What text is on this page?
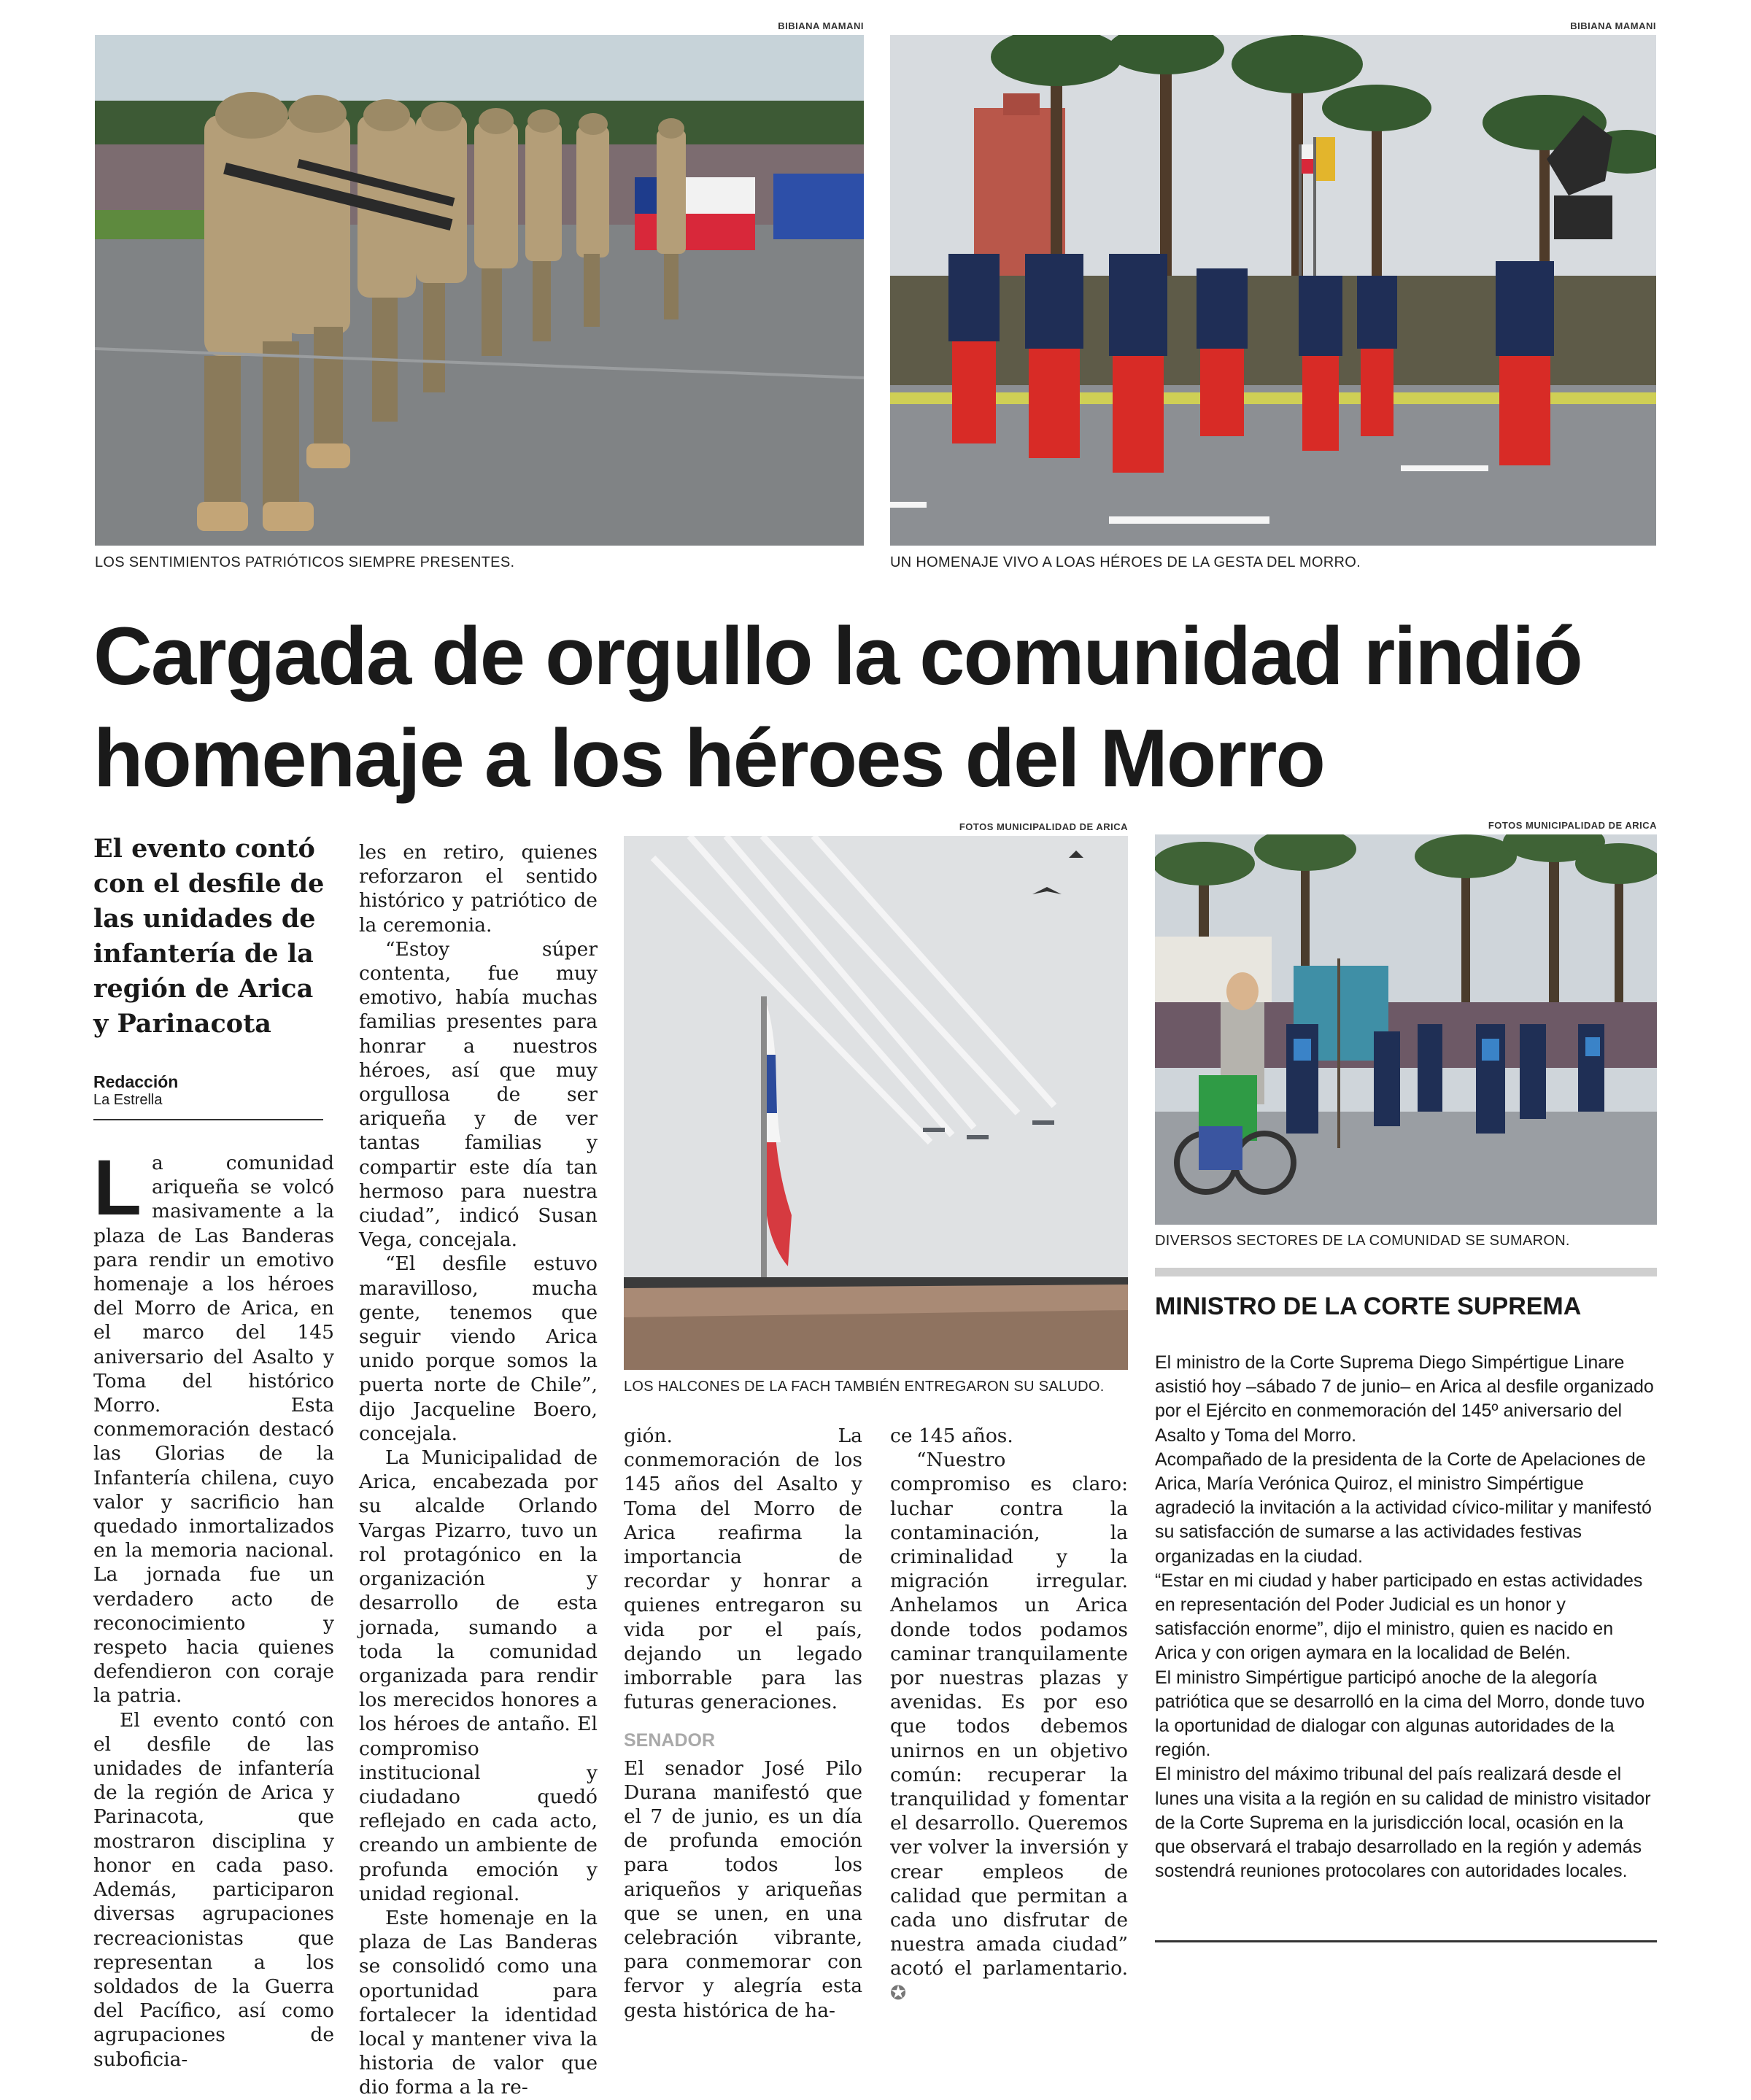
BIBIANA MAMANI
LOS SENTIMIENTOS PATRIÓTICOS SIEMPRE PRESENTES.
BIBIANA MAMANI
UN HOMENAJE VIVO A LOAS HÉROES DE LA GESTA DEL MORRO.
Cargada de orgullo la comunidad rindió
homenaje a los héroes del Morro
El evento contó con el desfile de las unidades de infantería de la región de Arica y Parinacota
Redacción
La Estrella

La comunidad ariqueña se volcó masivamente a la plaza de Las Banderas para rendir un emotivo homenaje a los héroes del Morro de Arica, en el marco del 145 aniversario del Asalto y Toma del histórico Morro. Esta conmemoración destacó las Glorias de la Infantería chilena, cuyo valor y sacrificio han quedado inmortalizados en la memoria nacional. La jornada fue un verdadero acto de reconocimiento y respeto hacia quienes defendieron con coraje la patria.

El evento contó con el desfile de las unidades de infantería de la región de Arica y Parinacota, que mostraron disciplina y honor en cada paso. Además, participaron diversas agrupaciones recreacionistas que representan a los soldados de la Guerra del Pacífico, así como agrupaciones de suboficia-

les en retiro, quienes reforzaron el sentido histórico y patriótico de la ceremonia.

“Estoy súper contenta, fue muy emotivo, había muchas familias presentes para honrar a nuestros héroes, así que muy orgullosa de ser ariqueña y de ver tantas familias y compartir este día tan hermoso para nuestra ciudad”, indicó Susan Vega, concejala.

“El desfile estuvo maravilloso, mucha gente, tenemos que seguir viendo Arica unido porque somos la puerta norte de Chile”, dijo Jacqueline Boero, concejala.

La Municipalidad de Arica, encabezada por su alcalde Orlando Vargas Pizarro, tuvo un rol protagónico en la organización y desarrollo de esta jornada, sumando a toda la comunidad organizada para rendir los merecidos honores a los héroes de antaño. El compromiso institucional y ciudadano quedó reflejado en cada acto, creando un ambiente de profunda emoción y unidad regional.

Este homenaje en la plaza de Las Banderas se consolidó como una oportunidad para fortalecer la identidad local y mantener viva la historia de valor que dio forma a la re-

FOTOS MUNICIPALIDAD DE ARICA
LOS HALCONES DE LA FACH TAMBIÉN ENTREGARON SU SALUDO.

gión. La conmemoración de los 145 años del Asalto y Toma del Morro de Arica reafirma la importancia de recordar y honrar a quienes entregaron su vida por el país, dejando un legado imborrable para las futuras generaciones.

SENADOR

El senador José Pilo Durana manifestó que el 7 de junio, es un día de profunda emoción para todos los ariqueños y ariqueñas que se unen, en una celebración vibrante, para conmemorar con fervor y alegría esta gesta histórica de ha-

ce 145 años.

“Nuestro compromiso es claro: luchar contra la contaminación, la criminalidad y la migración irregular. Anhelamos un Arica donde todos podamos caminar tranquilamente por nuestras plazas y avenidas. Es por eso que todos debemos unirnos en un objetivo común: recuperar la tranquilidad y fomentar el desarrollo. Queremos ver volver la inversión y crear empleos de calidad que permitan a cada uno disfrutar de nuestra amada ciudad” acotó el parlamentario. ✪

FOTOS MUNICIPALIDAD DE ARICA
DIVERSOS SECTORES DE LA COMUNIDAD SE SUMARON.
MINISTRO DE LA CORTE SUPREMA

El ministro de la Corte Suprema Diego Simpértigue Linare asistió hoy –sábado 7 de junio– en Arica al desfile organizado por el Ejército en conmemoración del 145º aniversario del Asalto y Toma del Morro.

Acompañado de la presidenta de la Corte de Apelaciones de Arica, María Verónica Quiroz, el ministro Simpértigue agradeció la invitación a la actividad cívico-militar y manifestó su satisfacción de sumarse a las actividades festivas organizadas en la ciudad.

“Estar en mi ciudad y haber participado en estas actividades en representación del Poder Judicial es un honor y satisfacción enorme”, dijo el ministro, quien es nacido en Arica y con origen aymara en la localidad de Belén.

El ministro Simpértigue participó anoche de la alegoría patriótica que se desarrolló en la cima del Morro, donde tuvo la oportunidad de dialogar con algunas autoridades de la región.

El ministro del máximo tribunal del país realizará desde el lunes una visita a la región en su calidad de ministro visitador de la Corte Suprema en la jurisdicción local, ocasión en la que observará el trabajo desarrollado en la región y además sostendrá reuniones protocolares con autoridades locales.
